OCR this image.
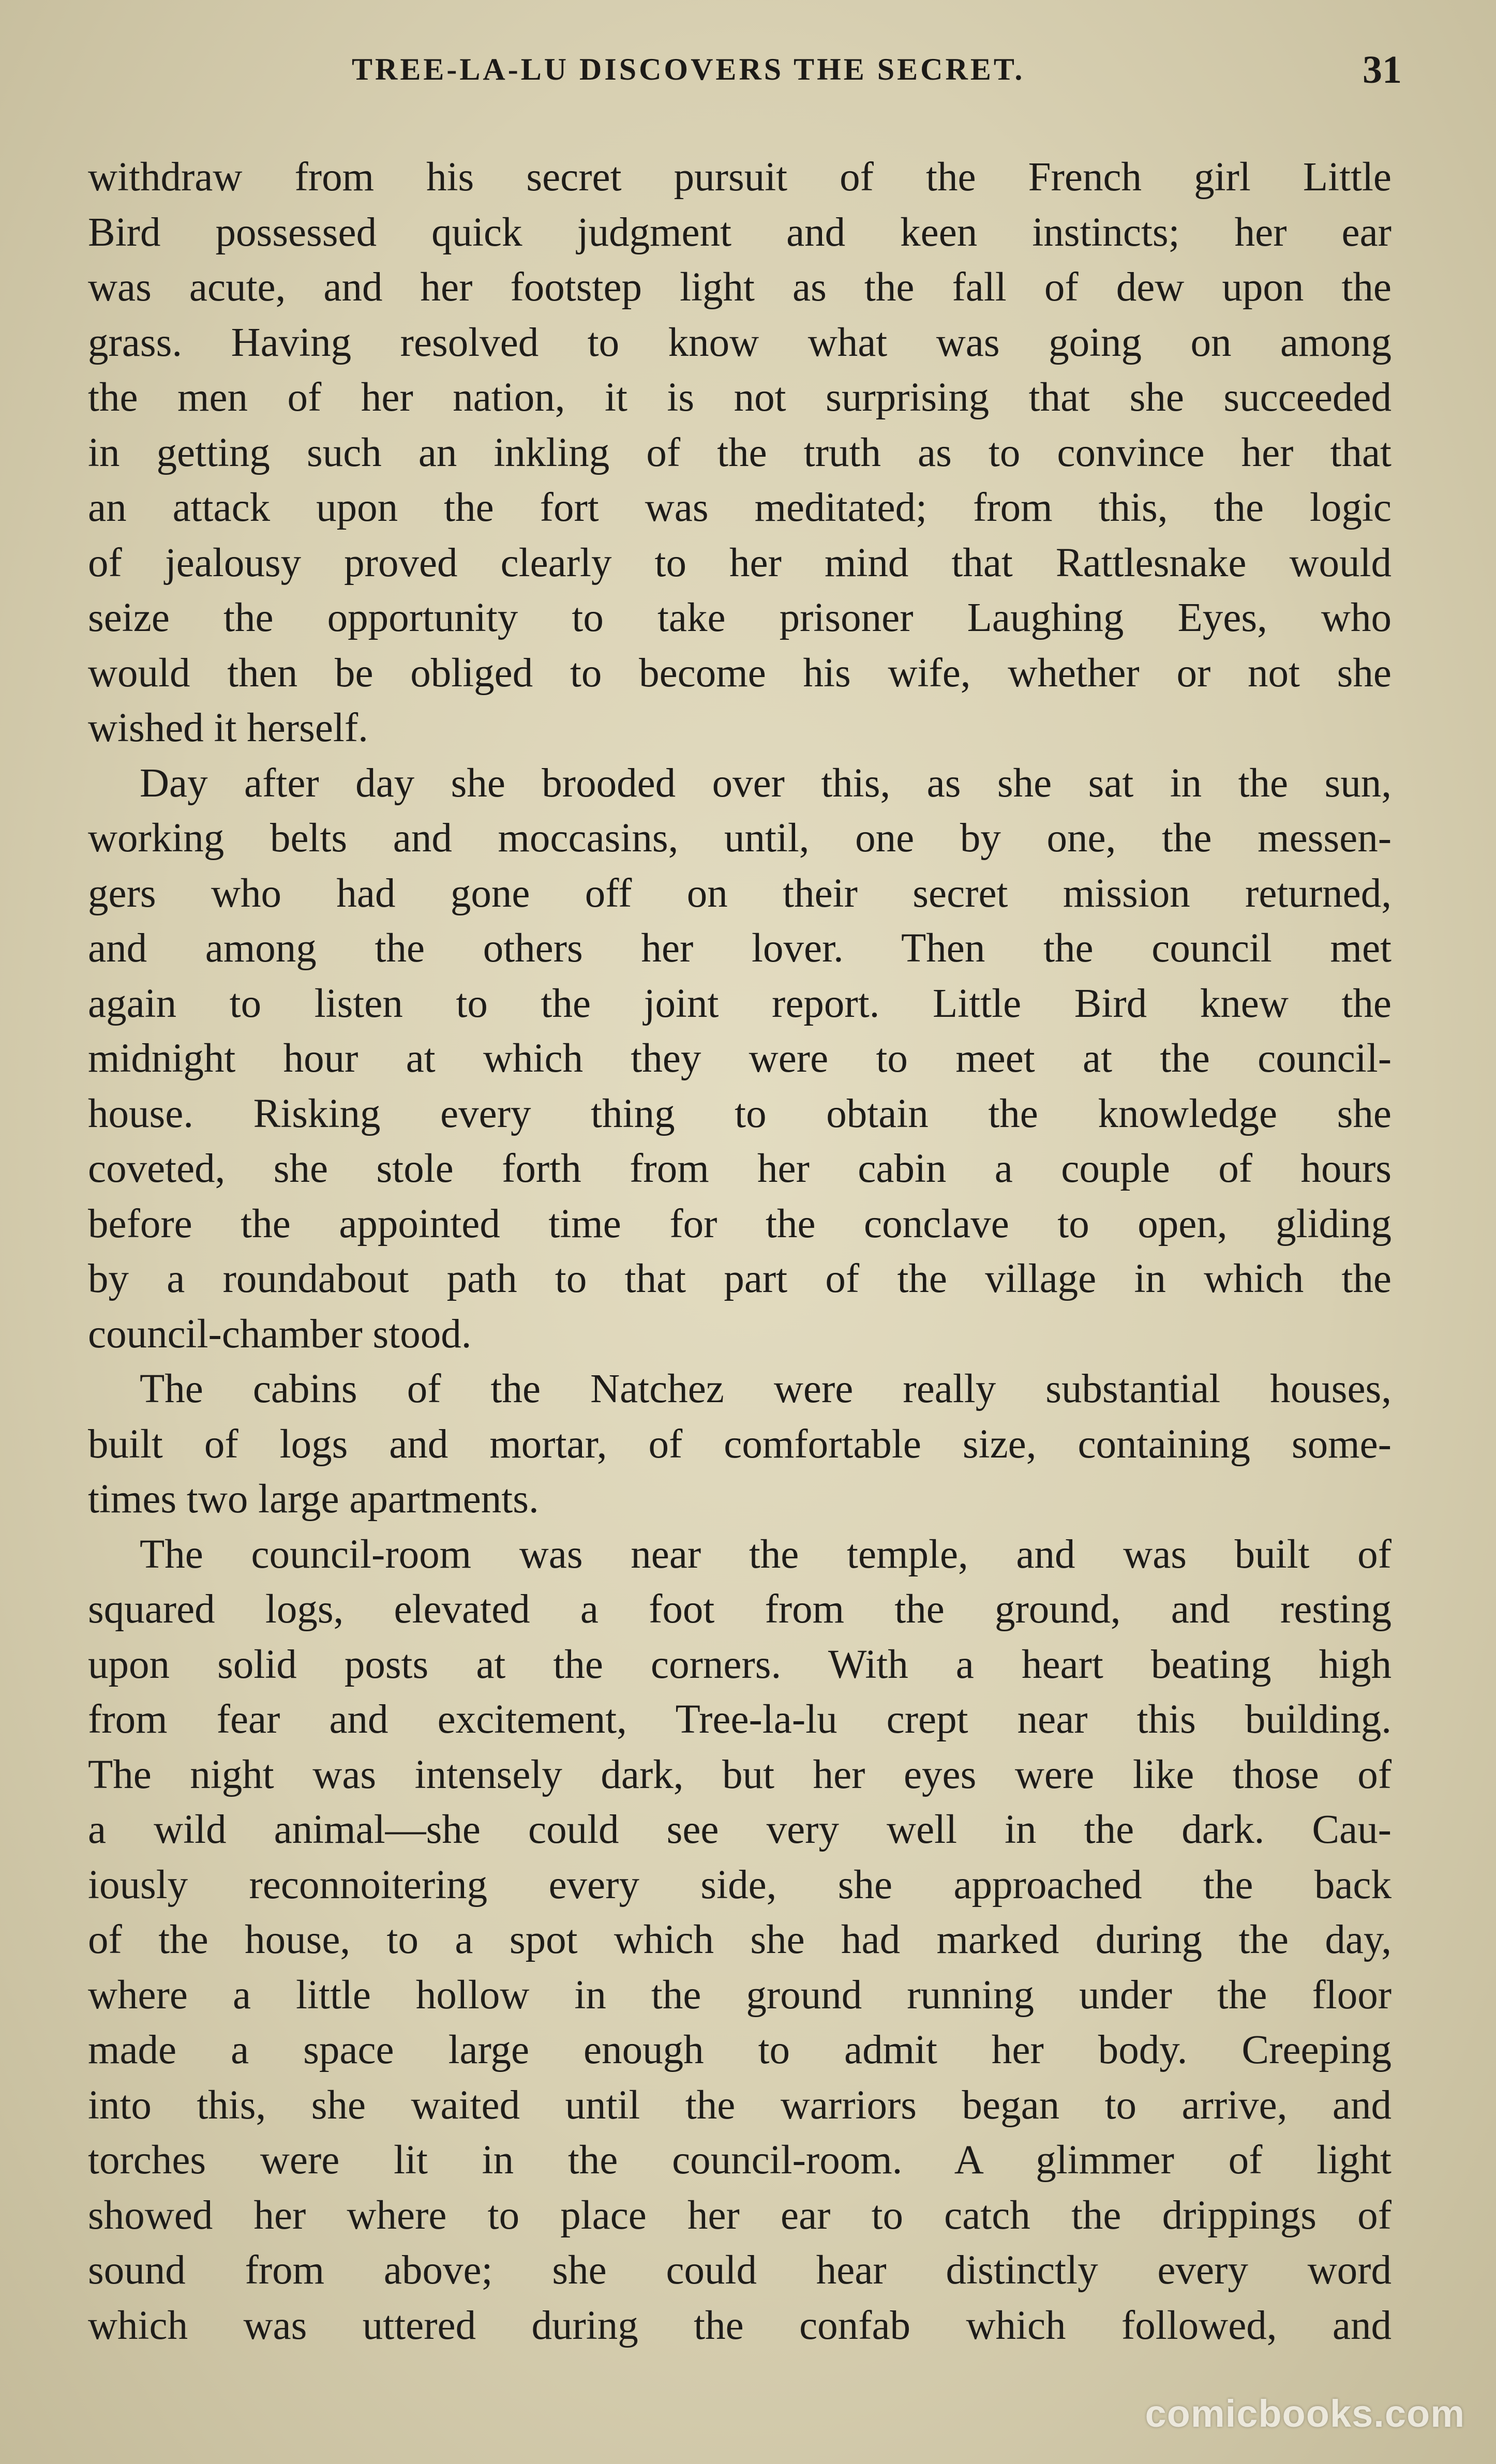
TREE-LA-LU DISCOVERS THE SECRET.	31
withdraw from his secret pursuit of the French girl Little
Bird possessed quick judgment and keen instincts; her ear
was acute, and her footstep light as the fall of dew upon the
grass. Having resolved to know what was going on among
the men of her nation, it is not surprising that she succeeded
in getting such an inkling of the truth as to convince her that
an attack upon the fort was meditated; from this, the logic
of jealousy proved clearly to her mind that Rattlesnake would
seize the opportunity to take prisoner Laughing Eyes, who
would then be obliged to become his wife, whether or not she
wished it herself.
Day after day she brooded over this, as she sat in the sun,
working belts and moccasins, until, one by one, the messen-
gers who had gone off on their secret mission returned,
and among the others her lover. Then the council met
again to listen to the joint report. Little Bird knew the
midnight hour at which they were to meet at the council-
house. Risking every thing to obtain the knowledge she
coveted, she stole forth from her cabin a couple of hours
before the appointed time for the conclave to open, gliding
by a roundabout path to that part of the village in which the
council-chamber stood.
The cabins of the Natchez were really substantial houses,
built of logs and mortar, of comfortable size, containing some-
times two large apartments.
The council-room was near the temple, and was built of
squared logs, elevated a foot from the ground, and resting
upon solid posts at the corners. With a heart beating high
from fear and excitement, Tree-la-lu crept near this building.
The night was intensely dark, but her eyes were like those of
a wild animal—she could see very well in the dark. Cau-
iously reconnoitering every side, she approached the back
of the house, to a spot which she had marked during the day,
where a little hollow in the ground running under the floor
made a space large enough to admit her body. Creeping
into this, she waited until the warriors began to arrive, and
torches were lit in the council-room. A glimmer of light
showed her where to place her ear to catch the drippings of
sound from above; she could hear distinctly every word
which was uttered during the confab which followed, and
comicbooks.com
